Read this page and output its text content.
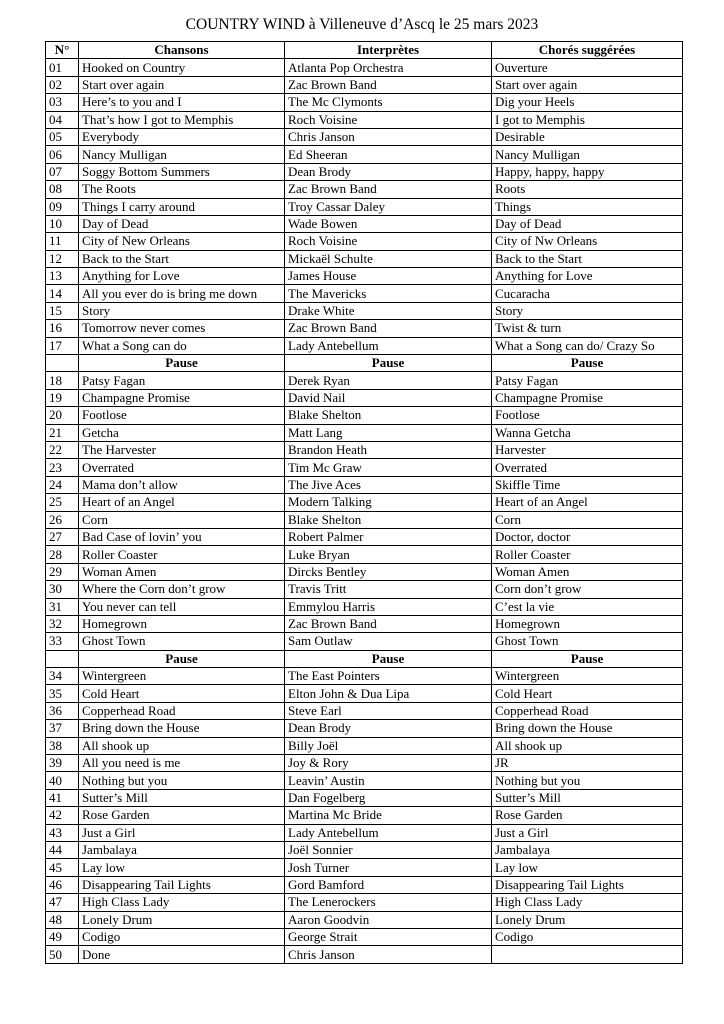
COUNTRY WIND à Villeneuve d’Ascq le 25 mars 2023
N°	Chansons	Interprètes	Chorés suggérées
01	Hooked on Country	Atlanta Pop Orchestra	Ouverture
02	Start over again	Zac Brown Band	Start over again
03	Here’s to you and I	The Mc Clymonts	Dig your Heels
04	That’s how I got to Memphis	Roch Voisine	I got to Memphis
05	Everybody	Chris Janson	Desirable
06	Nancy Mulligan	Ed Sheeran	Nancy Mulligan
07	Soggy Bottom Summers	Dean Brody	Happy, happy, happy
08	The Roots	Zac Brown Band	Roots
09	Things I carry around	Troy Cassar Daley	Things
10	Day of Dead	Wade Bowen	Day of Dead
11	City of New Orleans	Roch Voisine	City of Nw Orleans
12	Back to the Start	Mickaël Schulte	Back to the Start
13	Anything for Love	James House	Anything for Love
14	All you ever do is bring me down	The Mavericks	Cucaracha
15	Story	Drake White	Story
16	Tomorrow never comes	Zac Brown Band	Twist & turn
17	What a Song can do	Lady Antebellum	What a Song can do/ Crazy So
	Pause	Pause	Pause
18	Patsy Fagan	Derek Ryan	Patsy Fagan
19	Champagne Promise	David Nail	Champagne Promise
20	Footlose	Blake Shelton	Footlose
21	Getcha	Matt Lang	Wanna Getcha
22	The Harvester	Brandon Heath	Harvester
23	Overrated	Tim Mc Graw	Overrated
24	Mama don’t allow	The Jive Aces	Skiffle Time
25	Heart of an Angel	Modern Talking	Heart of an Angel
26	Corn	Blake Shelton	Corn
27	Bad Case of lovin’ you	Robert Palmer	Doctor, doctor
28	Roller Coaster	Luke Bryan	Roller Coaster
29	Woman Amen	Dircks Bentley	Woman Amen
30	Where the Corn don’t grow	Travis Tritt	Corn don’t grow
31	You never can tell	Emmylou Harris	C’est la vie
32	Homegrown	Zac Brown Band	Homegrown
33	Ghost Town	Sam Outlaw	Ghost Town
	Pause	Pause	Pause
34	Wintergreen	The East Pointers	Wintergreen
35	Cold Heart	Elton John & Dua Lipa	Cold Heart
36	Copperhead Road	Steve Earl	Copperhead Road
37	Bring down the House	Dean Brody	Bring down the House
38	All shook up	Billy Joël	All shook up
39	All you need is me	Joy & Rory	JR
40	Nothing but you	Leavin’ Austin	Nothing but you
41	Sutter’s Mill	Dan Fogelberg	Sutter’s Mill
42	Rose Garden	Martina Mc Bride	Rose Garden
43	Just a Girl	Lady Antebellum	Just a Girl
44	Jambalaya	Joël Sonnier	Jambalaya
45	Lay low	Josh Turner	Lay low
46	Disappearing Tail Lights	Gord Bamford	Disappearing Tail Lights
47	High Class Lady	The Lenerockers	High Class Lady
48	Lonely Drum	Aaron Goodvin	Lonely Drum
49	Codigo	George Strait	Codigo
50	Done	Chris Janson	
